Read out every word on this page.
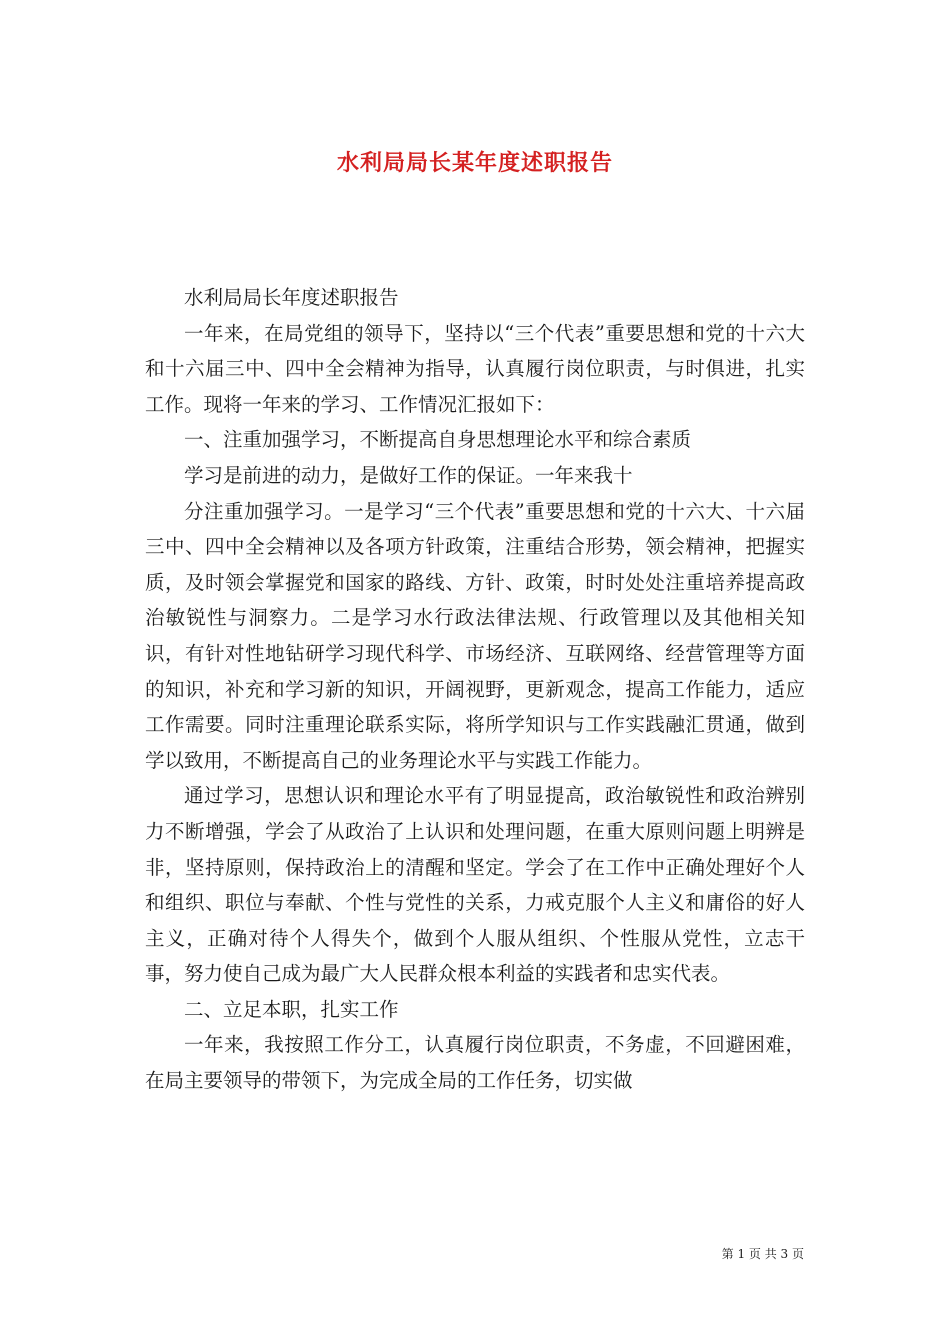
水利局局长某年度述职报告

水利局局长年度述职报告

一年来，在局党组的领导下，坚持以“三个代表”重要思想和党的十六大和十六届三中、四中全会精神为指导，认真履行岗位职责，与时俱进，扎实工作。现将一年来的学习、工作情况汇报如下：

一、注重加强学习，不断提高自身思想理论水平和综合素质

学习是前进的动力，是做好工作的保证。一年来我十

分注重加强学习。一是学习“三个代表”重要思想和党的十六大、十六届三中、四中全会精神以及各项方针政策，注重结合形势，领会精神，把握实质，及时领会掌握党和国家的路线、方针、政策，时时处处注重培养提高政治敏锐性与洞察力。二是学习水行政法律法规、行政管理以及其他相关知识，有针对性地钻研学习现代科学、市场经济、互联网络、经营管理等方面的知识，补充和学习新的知识，开阔视野，更新观念，提高工作能力，适应工作需要。同时注重理论联系实际，将所学知识与工作实践融汇贯通，做到学以致用，不断提高自己的业务理论水平与实践工作能力。

通过学习，思想认识和理论水平有了明显提高，政治敏锐性和政治辨别力不断增强，学会了从政治了上认识和处理问题，在重大原则问题上明辨是非，坚持原则，保持政治上的清醒和坚定。学会了在工作中正确处理好个人和组织、职位与奉献、个性与党性的关系，力戒克服个人主义和庸俗的好人主义，正确对待个人得失个，做到个人服从组织、个性服从党性，立志干事，努力使自己成为最广大人民群众根本利益的实践者和忠实代表。

二、立足本职，扎实工作

一年来，我按照工作分工，认真履行岗位职责，不务虚，不回避困难，在局主要领导的带领下，为完成全局的工作任务，切实做

第 1 页 共 3 页
